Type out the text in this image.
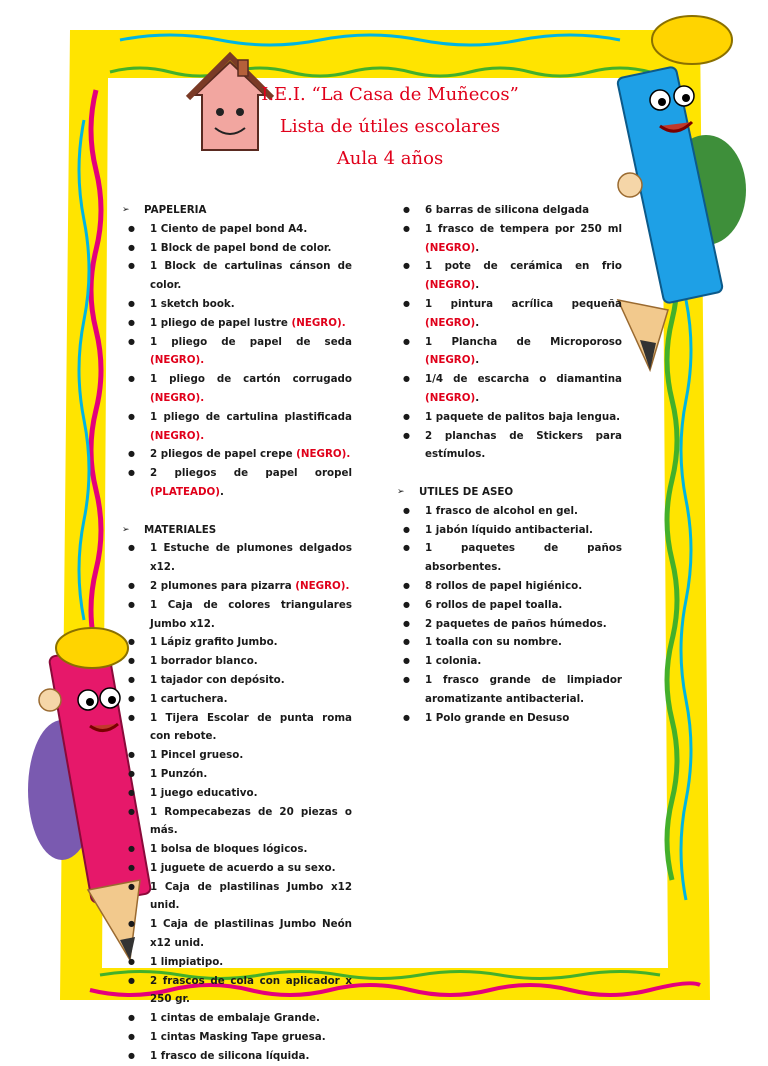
I.E.I. “La Casa de Muñecos”
Lista de útiles escolares
Aula 4 años
➢ PAPELERIA
● 1 Ciento de papel bond A4.
● 1 Block de papel bond de color.
● 1 Block de cartulinas cánson de color.
● 1 sketch book.
● 1 pliego de papel lustre (NEGRO).
● 1 pliego de papel de seda (NEGRO).
● 1 pliego de cartón corrugado (NEGRO).
● 1 pliego de cartulina plastificada (NEGRO).
● 2 pliegos de papel crepe (NEGRO).
● 2 pliegos de papel oropel (PLATEADO).
➢ MATERIALES
● 1 Estuche de plumones delgados x12.
● 2 plumones para pizarra (NEGRO).
● 1 Caja de colores triangulares Jumbo x12.
● 1 Lápiz grafito Jumbo.
● 1 borrador blanco.
● 1 tajador con depósito.
● 1 cartuchera.
● 1 Tijera Escolar de punta roma con rebote.
● 1 Pincel grueso.
● 1 Punzón.
● 1 juego educativo.
● 1 Rompecabezas de 20 piezas o más.
● 1 bolsa de bloques lógicos.
● 1 juguete de acuerdo a su sexo.
● 1 Caja de plastilinas Jumbo x12 unid.
● 1 Caja de plastilinas Jumbo Neón x12 unid.
● 1 limpiatipo.
● 2 frascos de cola con aplicador x 250 gr.
● 1 cintas de embalaje Grande.
● 1 cintas Masking Tape gruesa.
● 1 frasco de silicona líquida.
● 6 barras de silicona delgada
● 1 frasco de tempera por 250 ml (NEGRO).
● 1 pote de cerámica en frio (NEGRO).
● 1 pintura acrílica pequeña (NEGRO).
● 1 Plancha de Microporoso (NEGRO).
● 1/4 de escarcha o diamantina (NEGRO).
● 1 paquete de palitos baja lengua.
● 2 planchas de Stickers para estímulos.
➢ UTILES DE ASEO
● 1 frasco de alcohol en gel.
● 1 jabón líquido antibacterial.
● 1 paquetes de paños absorbentes.
● 8 rollos de papel higiénico.
● 6 rollos de papel toalla.
● 2 paquetes de paños húmedos.
● 1 toalla con su nombre.
● 1 colonia.
● 1 frasco grande de limpiador aromatizante antibacterial.
● 1 Polo grande en Desuso
